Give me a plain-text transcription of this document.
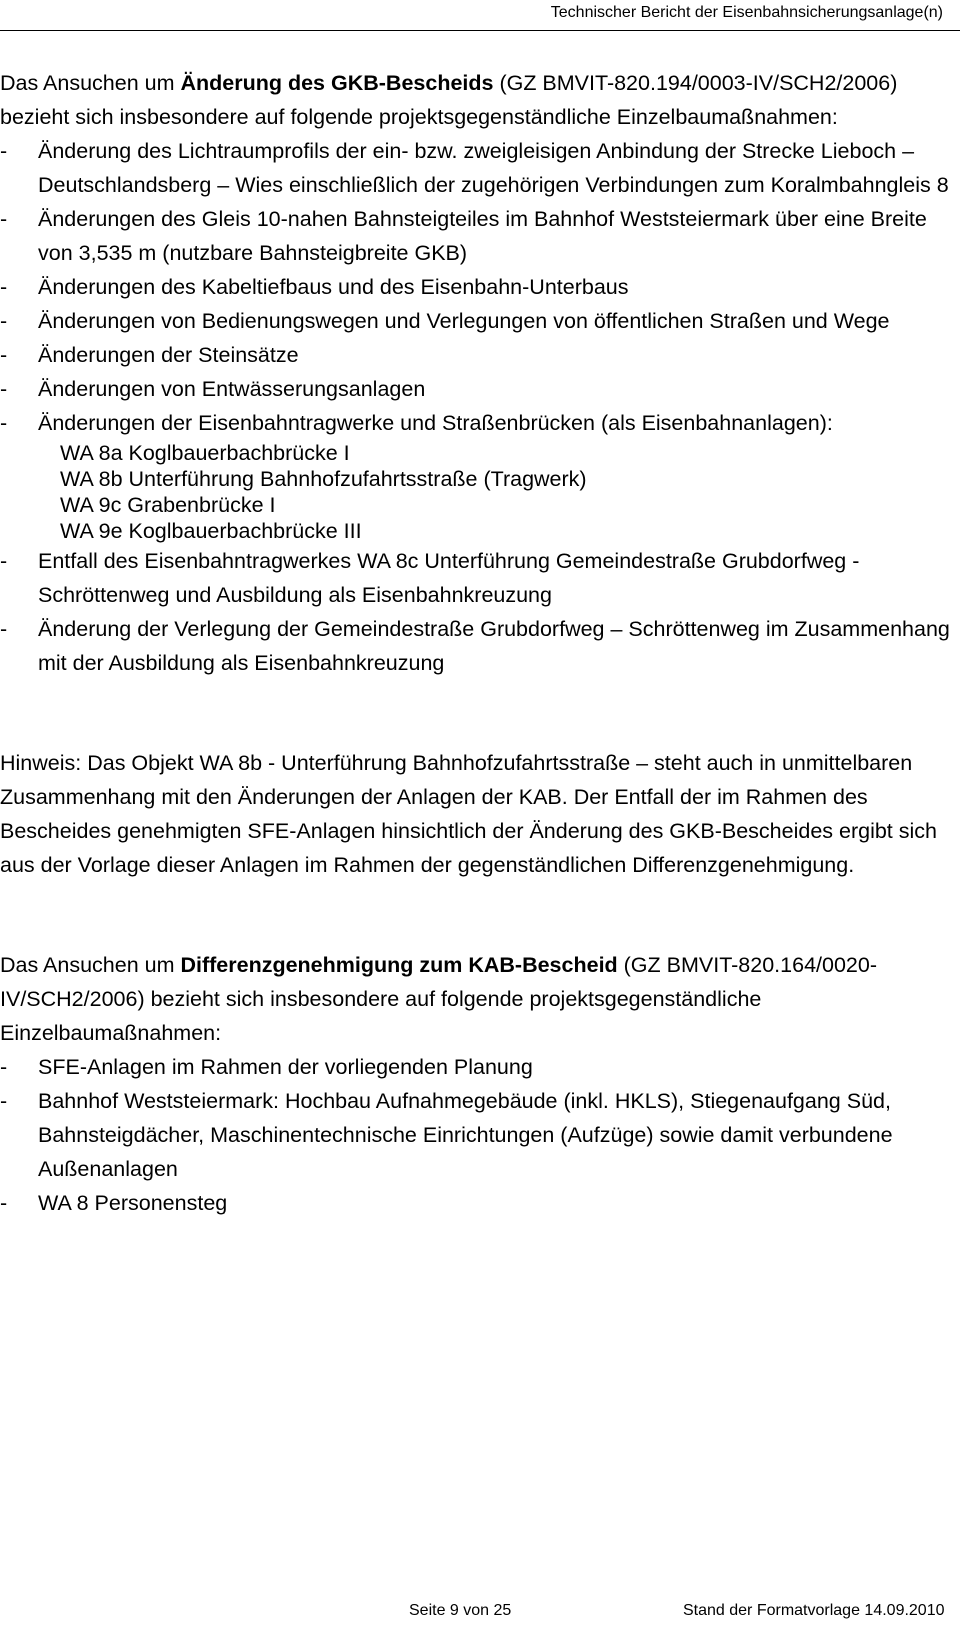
Technischer Bericht der Eisenbahnsicherungsanlage(n)

Das Ansuchen um Änderung des GKB-Bescheids (GZ BMVIT-820.194/0003-IV/SCH2/2006) bezieht sich insbesondere auf folgende projektsgegenständliche Einzelbaumaßnahmen:

- Änderung des Lichtraumprofils der ein- bzw. zweigleisigen Anbindung der Strecke Lieboch – Deutschlandsberg – Wies einschließlich der zugehörigen Verbindungen zum Koralmbahngleis 8
- Änderungen des Gleis 10-nahen Bahnsteigteiles im Bahnhof Weststeiermark über eine Breite von 3,535 m (nutzbare Bahnsteigbreite GKB)
- Änderungen des Kabeltiefbaus und des Eisenbahn-Unterbaus
- Änderungen von Bedienungswegen und Verlegungen von öffentlichen Straßen und Wege
- Änderungen der Steinsätze
- Änderungen von Entwässerungsanlagen
- Änderungen der Eisenbahntragwerke und Straßenbrücken (als Eisenbahnanlagen):
WA 8a Koglbauerbachbrücke I
WA 8b Unterführung Bahnhofzufahrtsstraße (Tragwerk)
WA 9c Grabenbrücke I
WA 9e Koglbauerbachbrücke III
- Entfall des Eisenbahntragwerkes WA 8c Unterführung Gemeindestraße Grubdorfweg - Schröttenweg und Ausbildung als Eisenbahnkreuzung
- Änderung der Verlegung der Gemeindestraße Grubdorfweg – Schröttenweg im Zusammenhang mit der Ausbildung als Eisenbahnkreuzung

Hinweis: Das Objekt WA 8b - Unterführung Bahnhofzufahrtsstraße – steht auch in unmittelbaren Zusammenhang mit den Änderungen der Anlagen der KAB. Der Entfall der im Rahmen des Bescheides genehmigten SFE-Anlagen hinsichtlich der Änderung des GKB-Bescheides ergibt sich aus der Vorlage dieser Anlagen im Rahmen der gegenständlichen Differenzgenehmigung.

Das Ansuchen um Differenzgenehmigung zum KAB-Bescheid (GZ BMVIT-820.164/0020-IV/SCH2/2006) bezieht sich insbesondere auf folgende projektsgegenständliche Einzelbaumaßnahmen:

- SFE-Anlagen im Rahmen der vorliegenden Planung
- Bahnhof Weststeiermark: Hochbau Aufnahmegebäude (inkl. HKLS), Stiegenaufgang Süd, Bahnsteigdächer, Maschinentechnische Einrichtungen (Aufzüge) sowie damit verbundene Außenanlagen
- WA 8 Personensteg
Seite 9 von 25	Stand der Formatvorlage 14.09.2010
